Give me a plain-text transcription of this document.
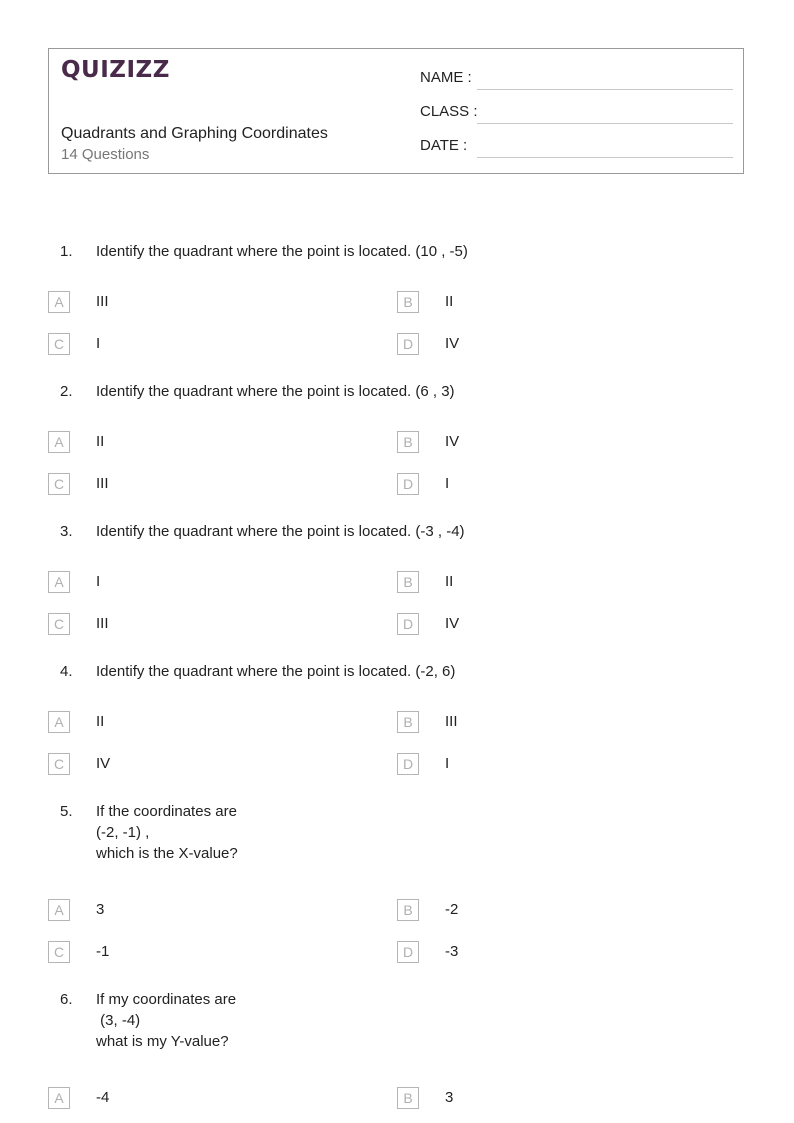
QUIZIZZ
Quadrants and Graphing Coordinates
14 Questions
NAME :
CLASS :
DATE :
1. Identify the quadrant where the point is located. (10 , -5)
A	III	B	II
C	I	D	IV
2. Identify the quadrant where the point is located. (6 , 3)
A	II	B	IV
C	III	D	I
3. Identify the quadrant where the point is located. (-3 , -4)
A	I	B	II
C	III	D	IV
4. Identify the quadrant where the point is located. (-2, 6)
A	II	B	III
C	IV	D	I
5. If the coordinates are
(-2, -1) ,
which is the X-value?
A	3	B	-2
C	-1	D	-3
6. If my coordinates are
(3, -4)
what is my Y-value?
A	-4	B	3
